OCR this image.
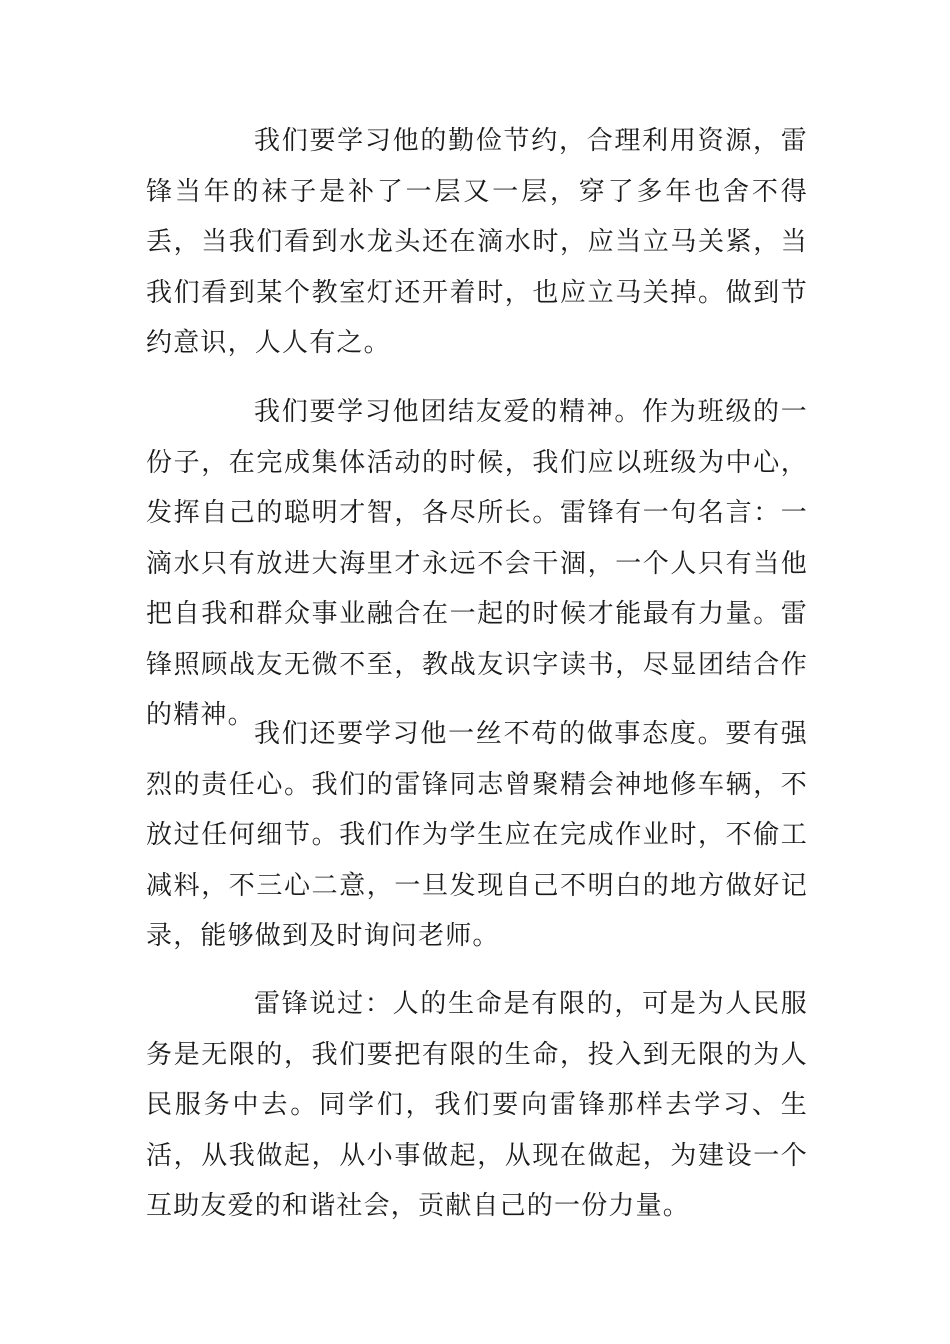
我们要学习他的勤俭节约，合理利用资源，雷锋当年的袜子是补了一层又一层，穿了多年也舍不得丢，当我们看到水龙头还在滴水时，应当立马关紧，当我们看到某个教室灯还开着时，也应立马关掉。做到节约意识，人人有之。

我们要学习他团结友爱的精神。作为班级的一份子，在完成集体活动的时候，我们应以班级为中心，发挥自己的聪明才智，各尽所长。雷锋有一句名言：一滴水只有放进大海里才永远不会干涸，一个人只有当他把自我和群众事业融合在一起的时候才能最有力量。雷锋照顾战友无微不至，教战友识字读书，尽显团结合作的精神。

我们还要学习他一丝不苟的做事态度。要有强烈的责任心。我们的雷锋同志曾聚精会神地修车辆，不放过任何细节。我们作为学生应在完成作业时，不偷工减料，不三心二意，一旦发现自己不明白的地方做好记录，能够做到及时询问老师。

雷锋说过：人的生命是有限的，可是为人民服务是无限的，我们要把有限的生命，投入到无限的为人民服务中去。同学们，我们要向雷锋那样去学习、生活，从我做起，从小事做起，从现在做起，为建设一个互助友爱的和谐社会，贡献自己的一份力量。
